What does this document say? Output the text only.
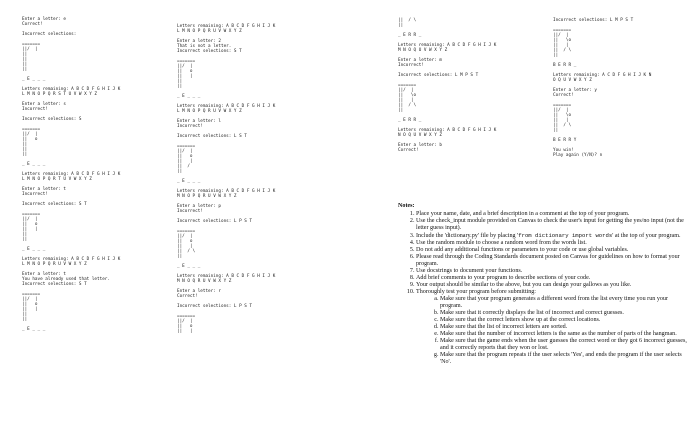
Enter a letter: e
Correct!
Incorrect selections:
=======
||/  |
||
||
||
||
_ E _ _ _
Letters remaining: A B C D F G H I J K
L M N O P Q R S T U V W X Y Z
Enter a letter: s
Incorrect!
Incorrect selections: S
=======
||/  |
||   o
||
||
||
_ E _ _ _
Letters remaining: A B C D F G H I J K
L M N O P Q R T U V W X Y Z
Enter a letter: t
Incorrect!
Incorrect selections: S T
=======
||/  |
||   o
||   |
||
||
_ E _ _ _
Letters remaining: A B C D F G H I J K
L M N O P Q R U V W X Y Z
Enter a letter: t
You have already used that letter.
Incorrect selections: S T
=======
||/  |
||   o
||   |
||
||
_ E _ _ _
Letters remaining: A B C D F G H I J K
L M N O P Q R U V W X Y Z
Enter a letter: 2
That is not a letter.
Incorrect selections: S T
=======
||/  |
||   o
||   |
||
||
_ E _ _ _
Letters remaining: A B C D F G H I J K
L M N O P Q R U V W X Y Z
Enter a letter: l
Incorrect!
Incorrect selections: L S T
=======
||/  |
||   o
||   |
||  /
||
_ E _ _ _
Letters remaining: A B C D F G H I J K
M N O P Q R U V W X Y Z
Enter a letter: p
Incorrect!
Incorrect selections: L P S T
=======
||/  |
||   o
||   |
||  / \
||
_ E _ _ _
Letters remaining: A B C D F G H I J K
M N O Q R U V W X Y Z
Enter a letter: r
Correct!
Incorrect selections: L P S T
=======
||/  |
||   o
||   |
||  / \
||
_ E R R _
Letters remaining: A B C D F G H I J K
M N O Q U V W X Y Z
Enter a letter: m
Incorrect!
Incorrect selections: L M P S T
=======
||/  |
||   \o
||   |
||  / \
||
_ E R R _
Letters remaining: A B C D F G H I J K
N O Q U V W X Y Z
Enter a letter: b
Correct!
Incorrect selections: L M P S T
=======
||/  |
||   \o
||   |
||  / \
||
B E R R _
Letters remaining: A C D F G H I J K N
O Q U V W X Y Z
Enter a letter: y
Correct!
=======
||/  |
||   \o
||   |
||  / \
||
B E R R Y
You win!
Play again (Y/N)? n
Notes:
1. Place your name, date, and a brief description in a comment at the top of your program.
2. Use the check_input module provided on Canvas to check the user's input for getting the yes/no input (not the letter guess input).
3. Include the 'dictionary.py' file by placing 'from dictionary import words' at the top of your program.
4. Use the random module to choose a random word from the words list.
5. Do not add any additional functions or parameters to your code or use global variables.
6. Please read through the Coding Standards document posted on Canvas for guidelines on how to format your program.
7. Use docstrings to document your functions.
8. Add brief comments to your program to describe sections of your code.
9. Your output should be similar to the above, but you can design your gallows as you like.
10. Thoroughly test your program before submitting:
a. Make sure that your program generates a different word from the list every time you run your program.
b. Make sure that it correctly displays the list of incorrect and correct guesses.
c. Make sure that the correct letters show up at the correct locations.
d. Make sure that the list of incorrect letters are sorted.
e. Make sure that the number of incorrect letters is the same as the number of parts of the hangman.
f. Make sure that the game ends when the user guesses the correct word or they got 6 incorrect guesses, and it correctly reports that they won or lost.
g. Make sure that the program repeats if the user selects 'Yes', and ends the program if the user selects 'No'.
